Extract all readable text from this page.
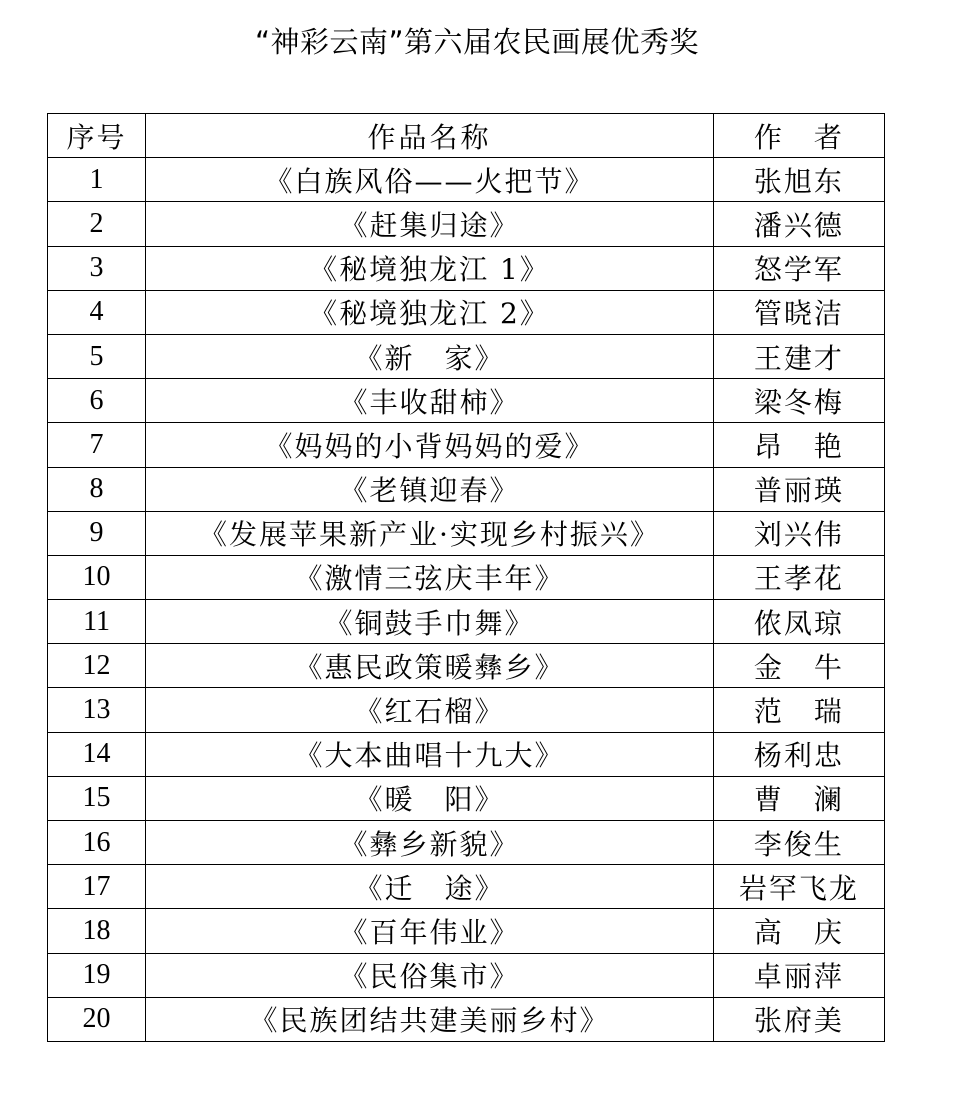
“神彩云南”第六届农民画展优秀奖
序号	作品名称	作　者
1	《白族风俗——火把节》	张旭东
2	《赶集归途》	潘兴德
3	《秘境独龙江 1》	怒学军
4	《秘境独龙江 2》	管晓洁
5	《新　家》	王建才
6	《丰收甜柿》	梁冬梅
7	《妈妈的小背妈妈的爱》	昂　艳
8	《老镇迎春》	普丽瑛
9	《发展苹果新产业·实现乡村振兴》	刘兴伟
10	《激情三弦庆丰年》	王孝花
11	《铜鼓手巾舞》	侬凤琼
12	《惠民政策暖彝乡》	金　牛
13	《红石榴》	范　瑞
14	《大本曲唱十九大》	杨利忠
15	《暖　阳》	曹　澜
16	《彝乡新貌》	李俊生
17	《迁　途》	岩罕飞龙
18	《百年伟业》	高　庆
19	《民俗集市》	卓丽萍
20	《民族团结共建美丽乡村》	张府美
